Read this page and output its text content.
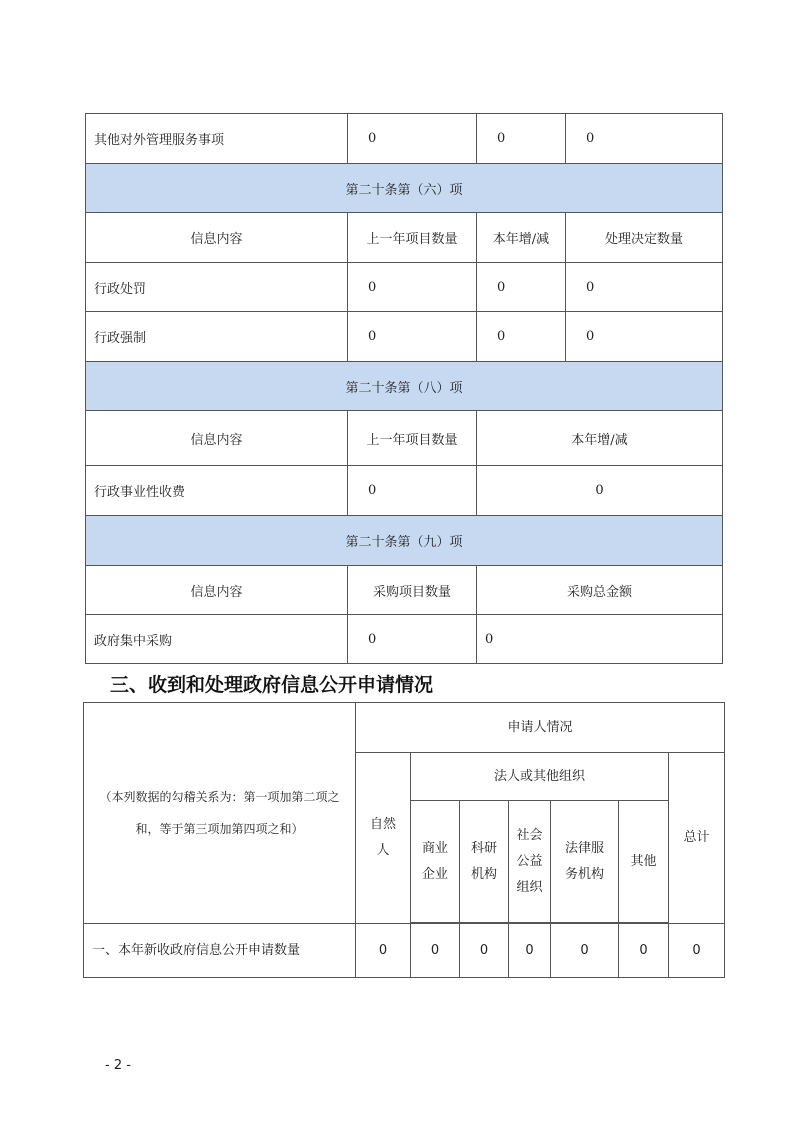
其他对外管理服务事项	0	0	0
第二十条第（六）项			
信息内容	上一年项目数量	本年增/减	处理决定数量
行政处罚	0	0	0
行政强制	0	0	0
第二十条第（八）项			
信息内容	上一年项目数量	本年增/减	
行政事业性收费	0	0	
第二十条第（九）项			
信息内容	采购项目数量	采购总金额	
政府集中采购	0	0	
三、收到和处理政府信息公开申请情况
（本列数据的勾稽关系为：第一项加第二项之和，等于第三项加第四项之和）	申请人情况						
	自然人	法人或其他组织					总计
		商业企业	科研机构	社会公益组织	法律服务机构	其他	

一、本年新收政府信息公开申请数量	0	0	0	0	0	0	0

- 2 -
